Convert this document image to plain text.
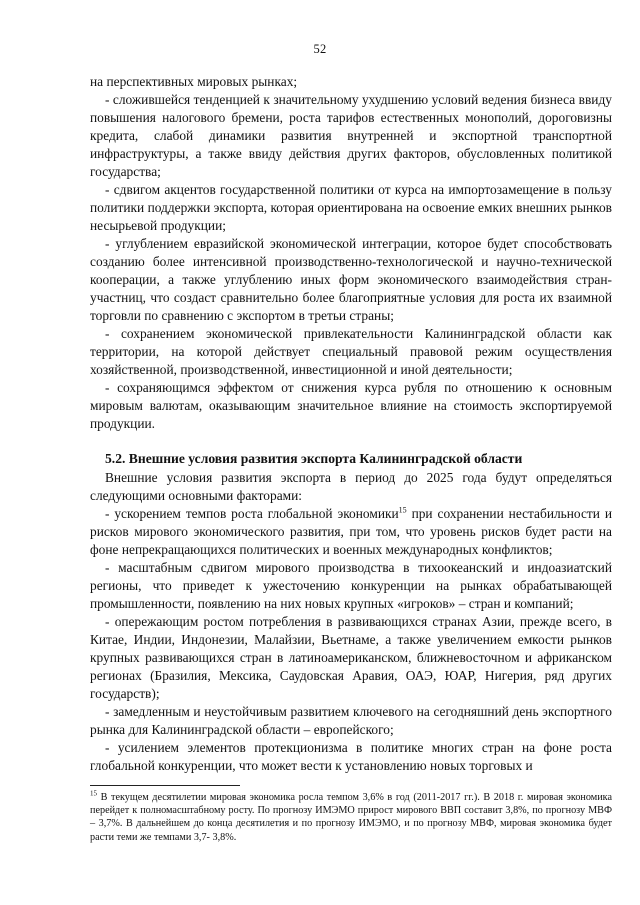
52

на перспективных мировых рынках;

- сложившейся тенденцией к значительному ухудшению условий ведения бизнеса ввиду повышения налогового бремени, роста тарифов естественных монополий, дороговизны кредита, слабой динамики развития внутренней и экспортной транспортной инфраструктуры, а также ввиду действия других факторов, обусловленных политикой государства;

- сдвигом акцентов государственной политики от курса на импортозамещение в пользу политики поддержки экспорта, которая ориентирована на освоение емких внешних рынков несырьевой продукции;

- углублением евразийской экономической интеграции, которое будет способствовать созданию более интенсивной производственно-технологической и научно-технической кооперации, а также углублению иных форм экономического взаимодействия стран-участниц, что создаст сравнительно более благоприятные условия для роста их взаимной торговли по сравнению с экспортом в третьи страны;

- сохранением экономической привлекательности Калининградской области как территории, на которой действует специальный правовой режим осуществления хозяйственной, производственной, инвестиционной и иной деятельности;

- сохраняющимся эффектом от снижения курса рубля по отношению к основным мировым валютам, оказывающим значительное влияние на стоимость экспортируемой продукции.

5.2. Внешние условия развития экспорта Калининградской области

Внешние условия развития экспорта в период до 2025 года будут определяться следующими основными факторами:

- ускорением темпов роста глобальной экономики$^{15}$ при сохранении нестабильности и рисков мирового экономического развития, при том, что уровень рисков будет расти на фоне непрекращающихся политических и военных международных конфликтов;

- масштабным сдвигом мирового производства в тихоокеанский и индоазиатский регионы, что приведет к ужесточению конкуренции на рынках обрабатывающей промышленности, появлению на них новых крупных «игроков» – стран и компаний;

- опережающим ростом потребления в развивающихся странах Азии, прежде всего, в Китае, Индии, Индонезии, Малайзии, Вьетнаме, а также увеличением емкости рынков крупных развивающихся стран в латиноамериканском, ближневосточном и африканском регионах (Бразилия, Мексика, Саудовская Аравия, ОАЭ, ЮАР, Нигерия, ряд других государств);

- замедленным и неустойчивым развитием ключевого на сегодняшний день экспортного рынка для Калининградской области – европейского;

- усилением элементов протекционизма в политике многих стран на фоне роста глобальной конкуренции, что может вести к установлению новых торговых и

$^{15}$ В текущем десятилетии мировая экономика росла темпом 3,6% в год (2011-2017 гг.). В 2018 г. мировая экономика перейдет к полномасштабному росту. По прогнозу ИМЭМО прирост мирового ВВП составит 3,8%, по прогнозу МВФ – 3,7%. В дальнейшем до конца десятилетия и по прогнозу ИМЭМО, и по прогнозу МВФ, мировая экономика будет расти теми же темпами 3,7- 3,8%.
